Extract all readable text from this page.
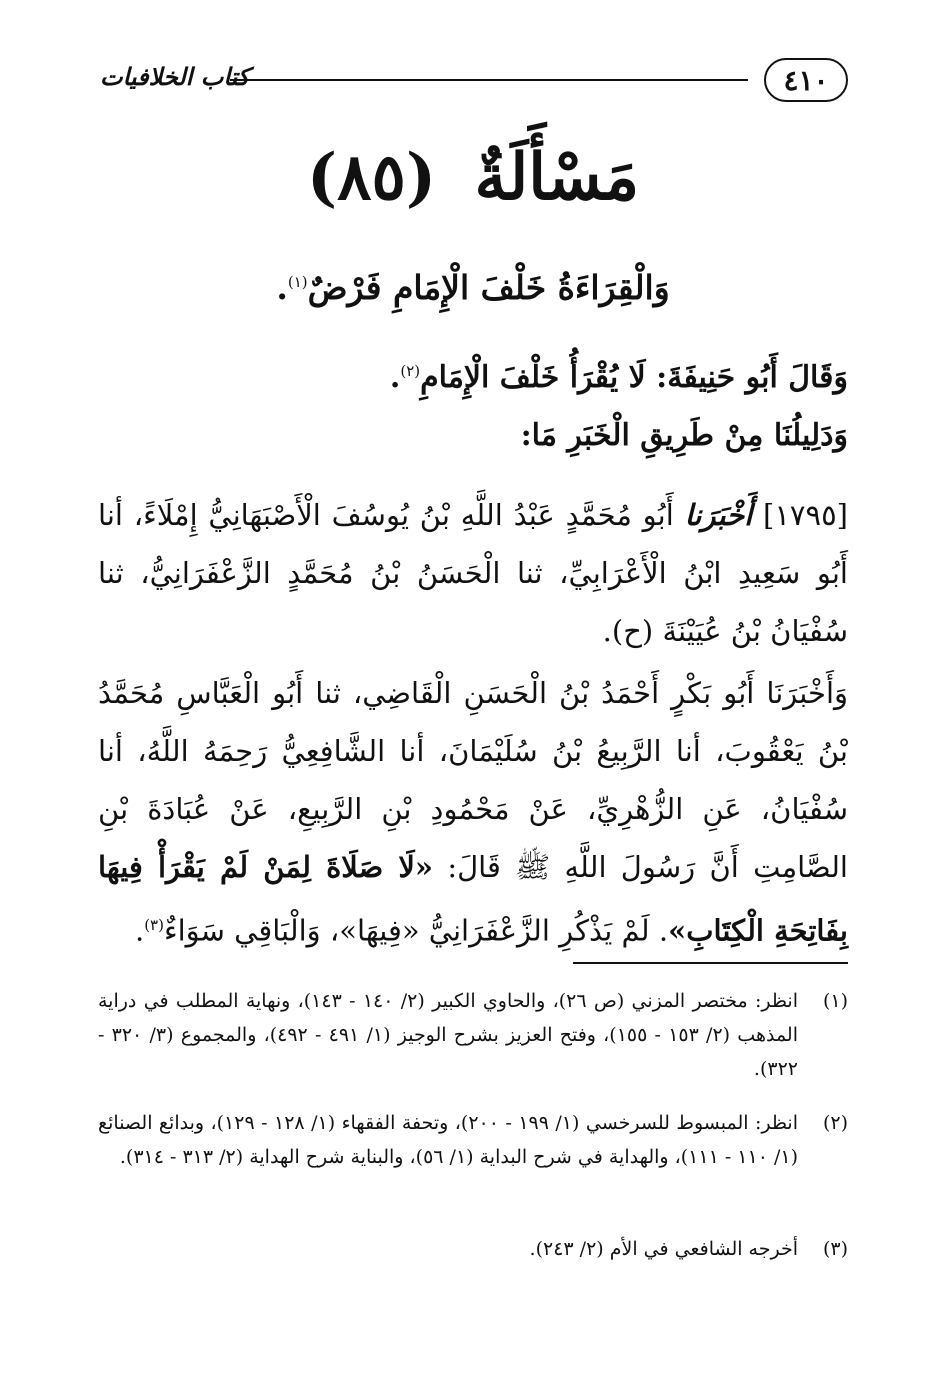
٤١٠
كتاب الخلافيات
مَسْأَلَةٌ (٨٥)
وَالْقِرَاءَةُ خَلْفَ الْإِمَامِ فَرْضٌ$^{(١)}$.
وَقَالَ أَبُو حَنِيفَةَ: لَا يُقْرَأُ خَلْفَ الْإِمَامِ$^{(٢)}$.
وَدَلِيلُنَا مِنْ طَرِيقِ الْخَبَرِ مَا:
[١٧٩٥] أَخْبَرَنا أَبُو مُحَمَّدٍ عَبْدُ اللَّهِ بْنُ يُوسُفَ الْأَصْبَهَانِيُّ إِمْلَاءً، أنا أَبُو سَعِيدِ ابْنُ الْأَعْرَابِيِّ، ثنا الْحَسَنُ بْنُ مُحَمَّدٍ الزَّعْفَرَانِيُّ، ثنا سُفْيَانُ بْنُ عُيَيْنَةَ (ح).
وَأَخْبَرَنَا أَبُو بَكْرٍ أَحْمَدُ بْنُ الْحَسَنِ الْقَاضِي، ثنا أَبُو الْعَبَّاسِ مُحَمَّدُ بْنُ يَعْقُوبَ، أنا الرَّبِيعُ بْنُ سُلَيْمَانَ، أنا الشَّافِعِيُّ رَحِمَهُ اللَّهُ، أنا سُفْيَانُ، عَنِ الزُّهْرِيِّ، عَنْ مَحْمُودِ بْنِ الرَّبِيعِ، عَنْ عُبَادَةَ بْنِ الصَّامِتِ أَنَّ رَسُولَ اللَّهِ ﷺ قَالَ: «لَا صَلَاةَ لِمَنْ لَمْ يَقْرَأْ فِيهَا بِفَاتِحَةِ الْكِتَابِ». لَمْ يَذْكُرِ الزَّعْفَرَانِيُّ «فِيهَا»، وَالْبَاقِي سَوَاءٌ$^{(٣)}$.
(١)
انظر: مختصر المزني (ص ٢٦)، والحاوي الكبير (٢/ ١٤٠ - ١٤٣)، ونهاية المطلب في دراية المذهب (٢/ ١٥٣ - ١٥٥)، وفتح العزيز بشرح الوجيز (١/ ٤٩١ - ٤٩٢)، والمجموع (٣/ ٣٢٠ - ٣٢٢).
(٢)
انظر: المبسوط للسرخسي (١/ ١٩٩ - ٢٠٠)، وتحفة الفقهاء (١/ ١٢٨ - ١٢٩)، وبدائع الصنائع (١/ ١١٠ - ١١١)، والهداية في شرح البداية (١/ ٥٦)، والبناية شرح الهداية (٢/ ٣١٣ - ٣١٤).
(٣)
أخرجه الشافعي في الأم (٢/ ٢٤٣).
